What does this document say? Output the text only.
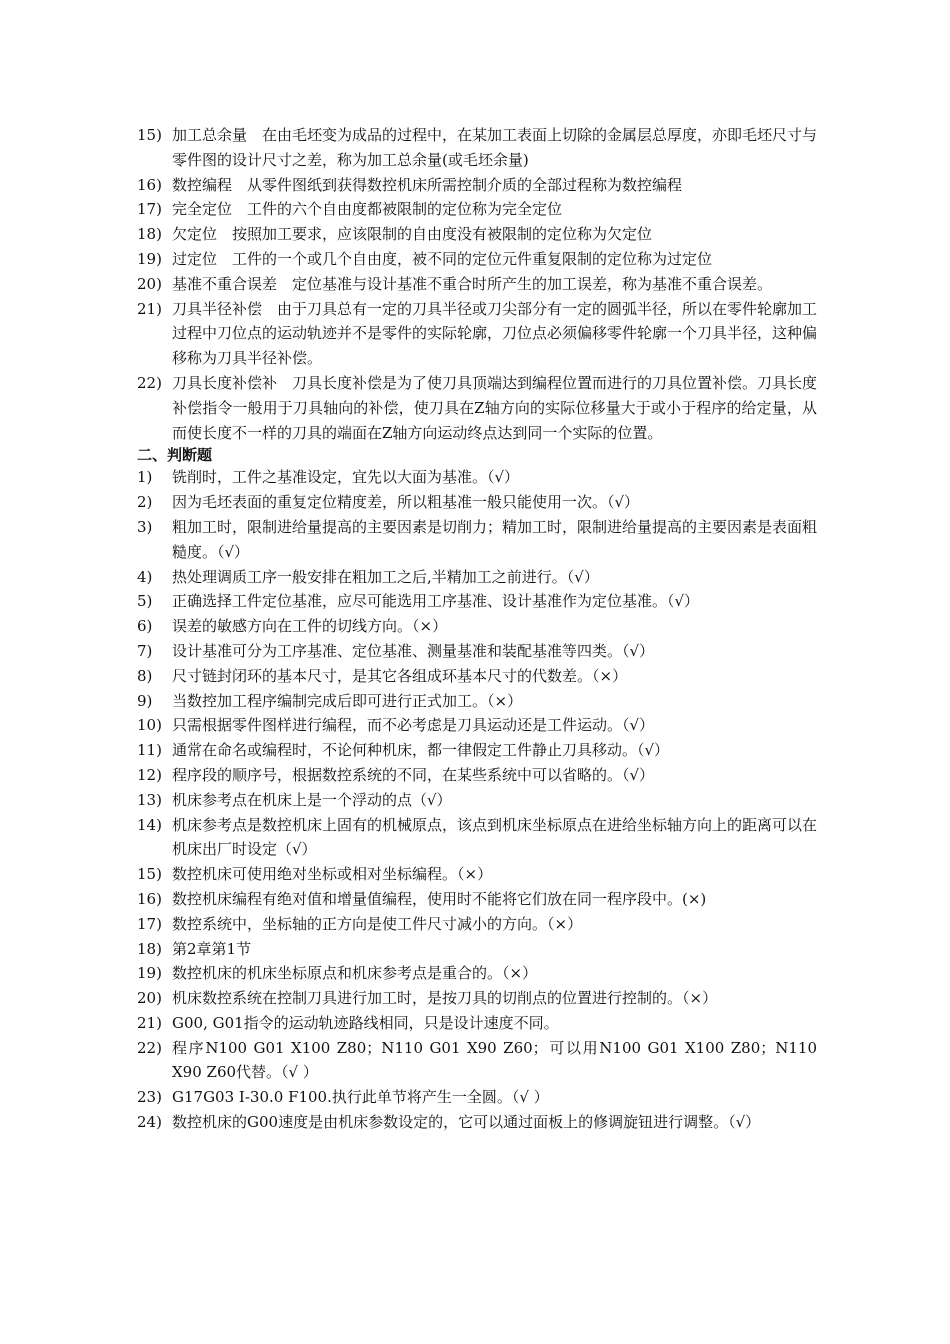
15) 加工总余量　在由毛坯变为成品的过程中，在某加工表面上切除的金属层总厚度，亦即毛坯尺寸与零件图的设计尺寸之差，称为加工总余量(或毛坯余量)
16) 数控编程　从零件图纸到获得数控机床所需控制介质的全部过程称为数控编程
17) 完全定位　工件的六个自由度都被限制的定位称为完全定位
18) 欠定位　按照加工要求，应该限制的自由度没有被限制的定位称为欠定位
19) 过定位　工件的一个或几个自由度，被不同的定位元件重复限制的定位称为过定位
20) 基准不重合误差　定位基准与设计基准不重合时所产生的加工误差，称为基准不重合误差。
21) 刀具半径补偿　由于刀具总有一定的刀具半径或刀尖部分有一定的圆弧半径，所以在零件轮廓加工过程中刀位点的运动轨迹并不是零件的实际轮廓，刀位点必须偏移零件轮廓一个刀具半径，这种偏移称为刀具半径补偿。
22) 刀具长度补偿补　刀具长度补偿是为了使刀具顶端达到编程位置而进行的刀具位置补偿。刀具长度补偿指令一般用于刀具轴向的补偿，使刀具在Z轴方向的实际位移量大于或小于程序的给定量，从而使长度不一样的刀具的端面在Z轴方向运动终点达到同一个实际的位置。
二、判断题
1)	铣削时，工件之基准设定，宜先以大面为基准。（√）
2)	因为毛坯表面的重复定位精度差，所以粗基准一般只能使用一次。（√）
3)	粗加工时，限制进给量提高的主要因素是切削力；精加工时，限制进给量提高的主要因素是表面粗糙度。（√）
4)	热处理调质工序一般安排在粗加工之后,半精加工之前进行。（√）
5)	正确选择工件定位基准，应尽可能选用工序基准、设计基准作为定位基准。（√）
6)	误差的敏感方向在工件的切线方向。（×）
7)	设计基准可分为工序基准、定位基准、测量基准和装配基准等四类。（√）
8)	尺寸链封闭环的基本尺寸，是其它各组成环基本尺寸的代数差。（×）
9)	当数控加工程序编制完成后即可进行正式加工。（×）
10) 只需根据零件图样进行编程，而不必考虑是刀具运动还是工件运动。（√）
11) 通常在命名或编程时，不论何种机床，都一律假定工件静止刀具移动。（√）
12) 程序段的顺序号，根据数控系统的不同，在某些系统中可以省略的。（√）
13) 机床参考点在机床上是一个浮动的点（√）
14) 机床参考点是数控机床上固有的机械原点，该点到机床坐标原点在进给坐标轴方向上的距离可以在机床出厂时设定（√）
15) 数控机床可使用绝对坐标或相对坐标编程。（×）
16) 数控机床编程有绝对值和增量值编程，使用时不能将它们放在同一程序段中。(×)
17) 数控系统中，坐标轴的正方向是使工件尺寸减小的方向。（×）
18) 第2章第1节
19) 数控机床的机床坐标原点和机床参考点是重合的。（×）
20) 机床数控系统在控制刀具进行加工时，是按刀具的切削点的位置进行控制的。（×）
21) G00, G01指令的运动轨迹路线相同，只是设计速度不同。
22) 程序N100 G01 X100 Z80；N110 G01 X90 Z60；可以用N100 G01 X100 Z80；N110 X90 Z60代替。（√ ）
23) G17G03 I-30.0 F100.执行此单节将产生一全圆。（√ ）
24) 数控机床的G00速度是由机床参数设定的，它可以通过面板上的修调旋钮进行调整。（√）
